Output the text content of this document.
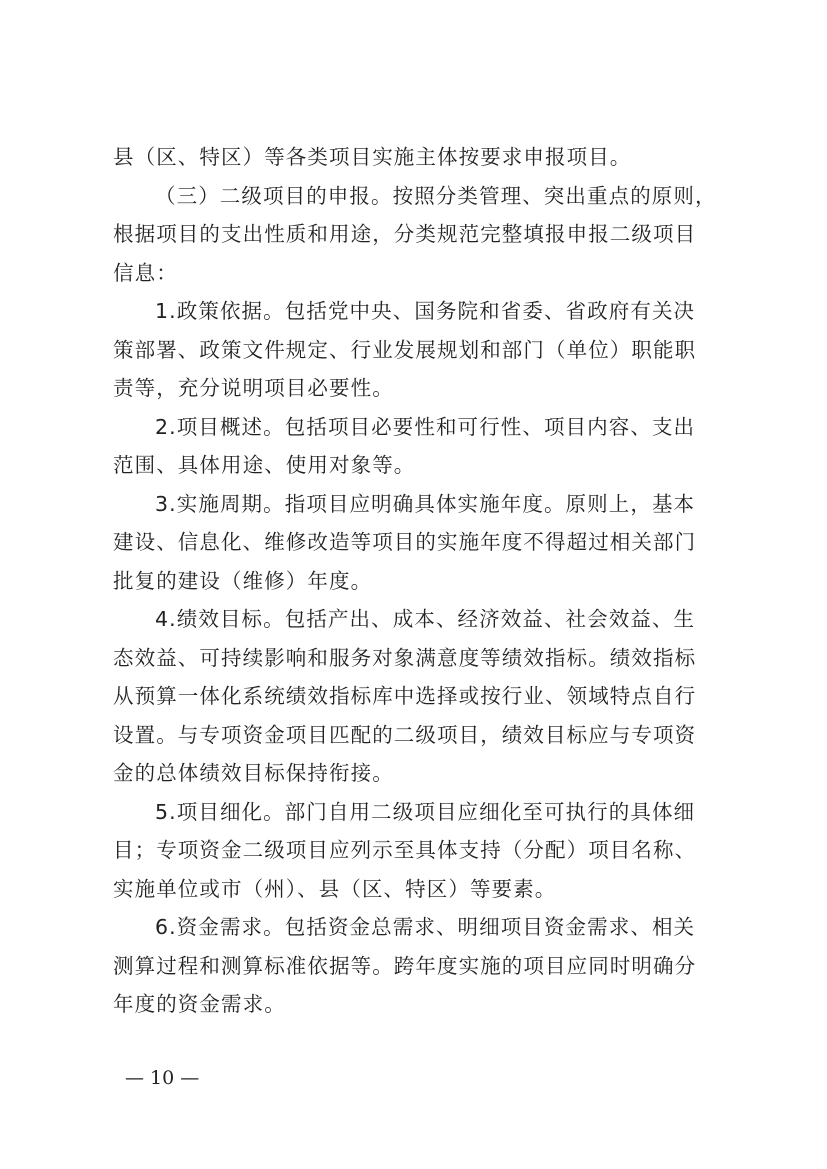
县（区、特区）等各类项目实施主体按要求申报项目。
（三）二级项目的申报。按照分类管理、突出重点的原则，
根据项目的支出性质和用途，分类规范完整填报申报二级项目
信息：
1.政策依据。包括党中央、国务院和省委、省政府有关决
策部署、政策文件规定、行业发展规划和部门（单位）职能职
责等，充分说明项目必要性。
2.项目概述。包括项目必要性和可行性、项目内容、支出
范围、具体用途、使用对象等。
3.实施周期。指项目应明确具体实施年度。原则上，基本
建设、信息化、维修改造等项目的实施年度不得超过相关部门
批复的建设（维修）年度。
4.绩效目标。包括产出、成本、经济效益、社会效益、生
态效益、可持续影响和服务对象满意度等绩效指标。绩效指标
从预算一体化系统绩效指标库中选择或按行业、领域特点自行
设置。与专项资金项目匹配的二级项目，绩效目标应与专项资
金的总体绩效目标保持衔接。
5.项目细化。部门自用二级项目应细化至可执行的具体细
目；专项资金二级项目应列示至具体支持（分配）项目名称、
实施单位或市（州）、县（区、特区）等要素。
6.资金需求。包括资金总需求、明细项目资金需求、相关
测算过程和测算标准依据等。跨年度实施的项目应同时明确分
年度的资金需求。
— 10 —
